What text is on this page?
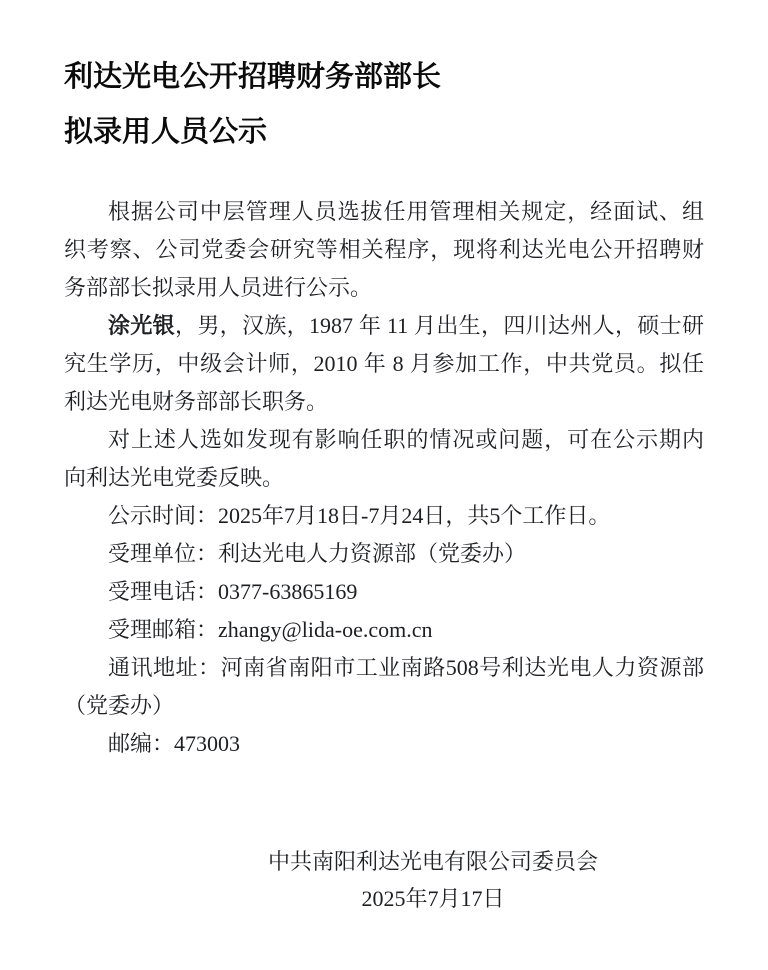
利达光电公开招聘财务部部长
拟录用人员公示

根据公司中层管理人员选拔任用管理相关规定，经面试、组
织考察、公司党委会研究等相关程序，现将利达光电公开招聘财
务部部长拟录用人员进行公示。

涂光银，男，汉族，1987 年 11 月出生，四川达州人，硕士研
究生学历，中级会计师，2010 年 8 月参加工作，中共党员。拟任
利达光电财务部部长职务。

对上述人选如发现有影响任职的情况或问题，可在公示期内
向利达光电党委反映。

公示时间：2025年7月18日-7月24日，共5个工作日。

受理单位：利达光电人力资源部（党委办）

受理电话：0377-63865169

受理邮箱：zhangy@lida-oe.com.cn

通讯地址：河南省南阳市工业南路508号利达光电人力资源部
（党委办）

邮编：473003

中共南阳利达光电有限公司委员会
2025年7月17日
